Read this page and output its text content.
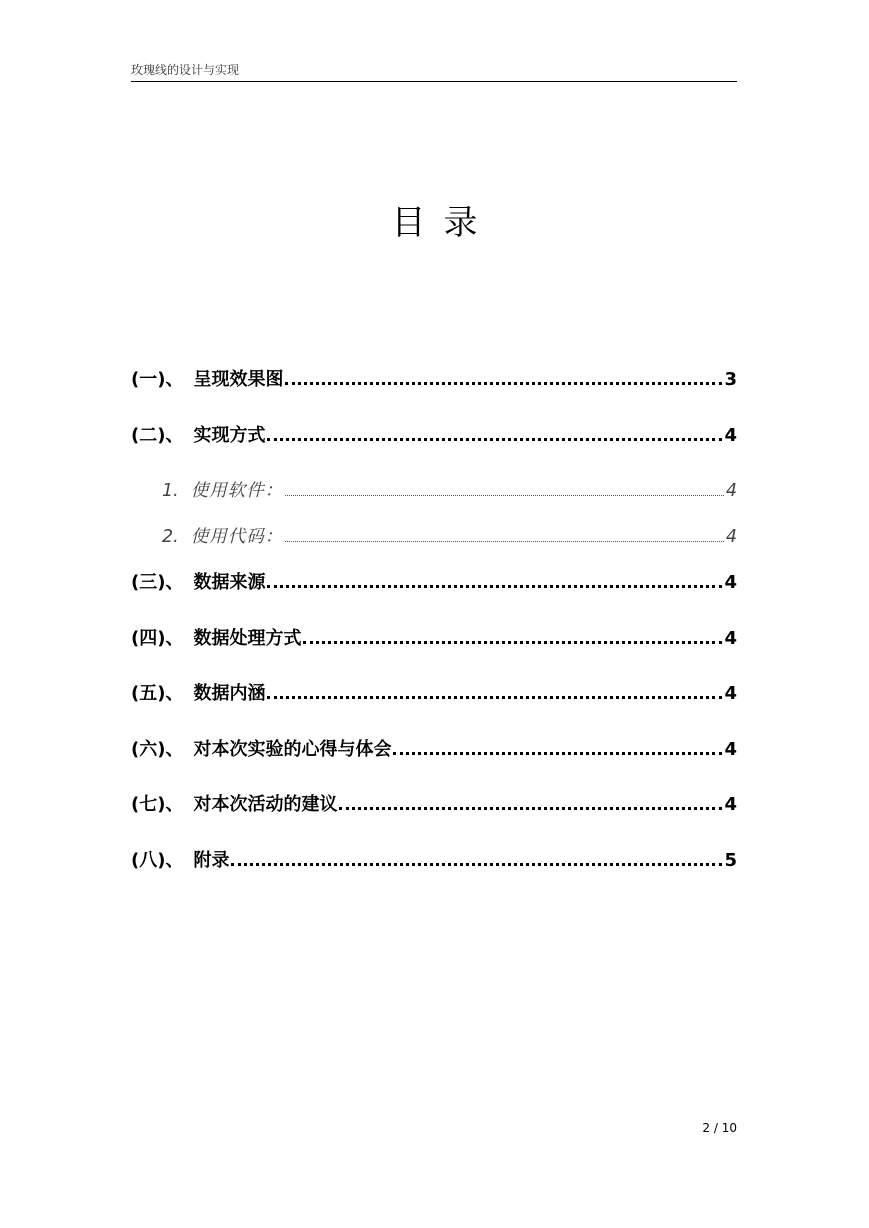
玫瑰线的设计与实现
目录
(一)、 呈现效果图	3
(二)、 实现方式	4
1. 使用软件：	4
2. 使用代码：	4
(三)、 数据来源	4
(四)、 数据处理方式	4
(五)、 数据内涵	4
(六)、 对本次实验的心得与体会	4
(七)、 对本次活动的建议	4
(八)、 附录	5
2 / 10
